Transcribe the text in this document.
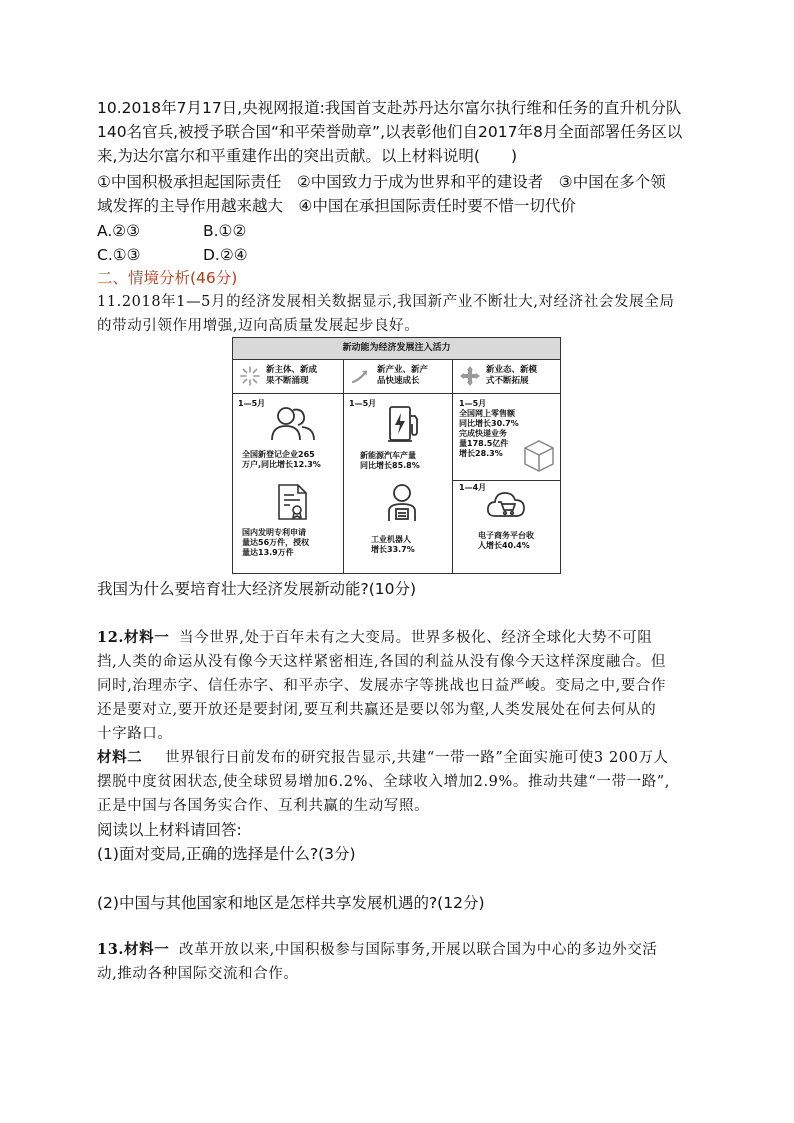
10.2018年7月17日,央视网报道:我国首支赴苏丹达尔富尔执行维和任务的直升机分队
140名官兵,被授予联合国“和平荣誉勋章”,以表彰他们自2017年8月全面部署任务区以
来,为达尔富尔和平重建作出的突出贡献。以上材料说明(　　)
①中国积极承担起国际责任　②中国致力于成为世界和平的建设者　③中国在多个领
域发挥的主导作用越来越大　④中国在承担国际责任时要不惜一切代价
A.②③	B.①②
C.①③	D.②④
二、情境分析(46分)
11.2018年1—5月的经济发展相关数据显示,我国新产业不断壮大,对经济社会发展全局
的带动引领作用增强,迈向高质量发展起步良好。
新动能为经济发展注入活力
新主体、新成
果不断涌现
新产业、新产
品快速成长
新业态、新模
式不断拓展
1—5月
全国新登记企业265
万户,同比增长12.3%
国内发明专利申请
量达56万件，授权
量达13.9万件
1—5月
新能源汽车产量
同比增长85.8%
工业机器人
增长33.7%
1—5月
全国网上零售额
同比增长30.7%
完成快递业务
量178.5亿件
增长28.3%
1—4月
电子商务平台收
人增长40.4%
我国为什么要培育壮大经济发展新动能?(10分)
12.材料一 当今世界,处于百年未有之大变局。世界多极化、经济全球化大势不可阻
挡,人类的命运从没有像今天这样紧密相连,各国的利益从没有像今天这样深度融合。但
同时,治理赤字、信任赤字、和平赤字、发展赤字等挑战也日益严峻。变局之中,要合作
还是要对立,要开放还是要封闭,要互利共赢还是要以邻为壑,人类发展处在何去何从的
十字路口。
材料二 世界银行日前发布的研究报告显示,共建“一带一路”全面实施可使3 200万人
摆脱中度贫困状态,使全球贸易增加6.2%、全球收入增加2.9%。推动共建“一带一路”,
正是中国与各国务实合作、互利共赢的生动写照。
阅读以上材料请回答:
(1)面对变局,正确的选择是什么?(3分)
(2)中国与其他国家和地区是怎样共享发展机遇的?(12分)
13.材料一 改革开放以来,中国积极参与国际事务,开展以联合国为中心的多边外交活
动,推动各种国际交流和合作。
